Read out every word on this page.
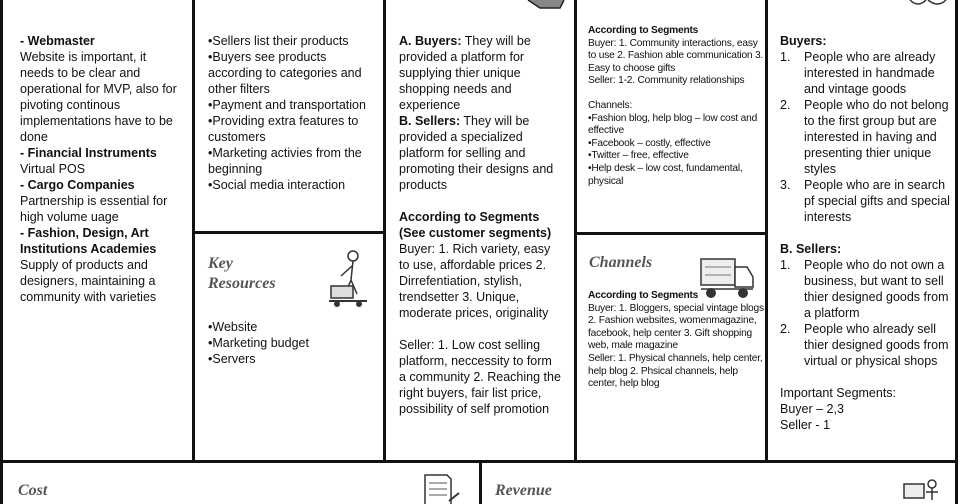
- Webmaster
Website is important, it needs to be clear and operational for MVP, also for pivoting continous implementations have to be done
- Financial Instruments
Virtual POS
- Cargo Companies
Partnership is essential for high volume uage
- Fashion, Design, Art Institutions Academies
Supply of products and designers, maintaining a community with varieties
•Sellers list their products
•Buyers see products according to categories and other filters
•Payment and transportation
•Providing extra features to customers
•Marketing activies from the beginning
•Social media interaction
Key
Resources
•Website
•Marketing budget
•Servers
A. Buyers: They will be provided a platform for supplying thier unique shopping needs and experience
B. Sellers: They will be provided a specialized platform for selling and promoting their designs and products
According to Segments (See customer segments)
Buyer: 1. Rich variety, easy to use, affordable prices 2. Dirrefentiation, stylish, trendsetter 3. Unique, moderate prices, originality
Seller: 1. Low cost selling platform, neccessity to form a community 2. Reaching the right buyers, fair list price, possibility of self promotion
According to Segments
Buyer: 1. Community interactions, easy to use 2. Fashion able communication 3. Easy to choose gifts
Seller: 1-2. Community relationships
Channels:
•Fashion blog, help blog – low cost and effective
•Facebook – costly, effective
•Twitter – free, effective
•Help desk – low cost, fundamental, physical
Channels
According to Segments
Buyer: 1. Bloggers, special vintage blogs 2. Fashion websites, womenmagazine, facebook, help center 3. Gift shopping web, male magazine
Seller: 1. Physical channels, help center, help blog 2. Phsical channels, help center, help blog
Buyers:
1.	People who are already interested in handmade and vintage goods
2.	People who do not belong to the first group but are interested in having and presenting thier unique styles
3.	People who are in search pf special gifts and special interests
B. Sellers:
1.	People who do not own a business, but want to sell thier designed goods from a platform
2.	People who already sell thier designed goods from virtual or physical shops
Important Segments:
Buyer – 2,3
Seller - 1
Cost	Revenue
